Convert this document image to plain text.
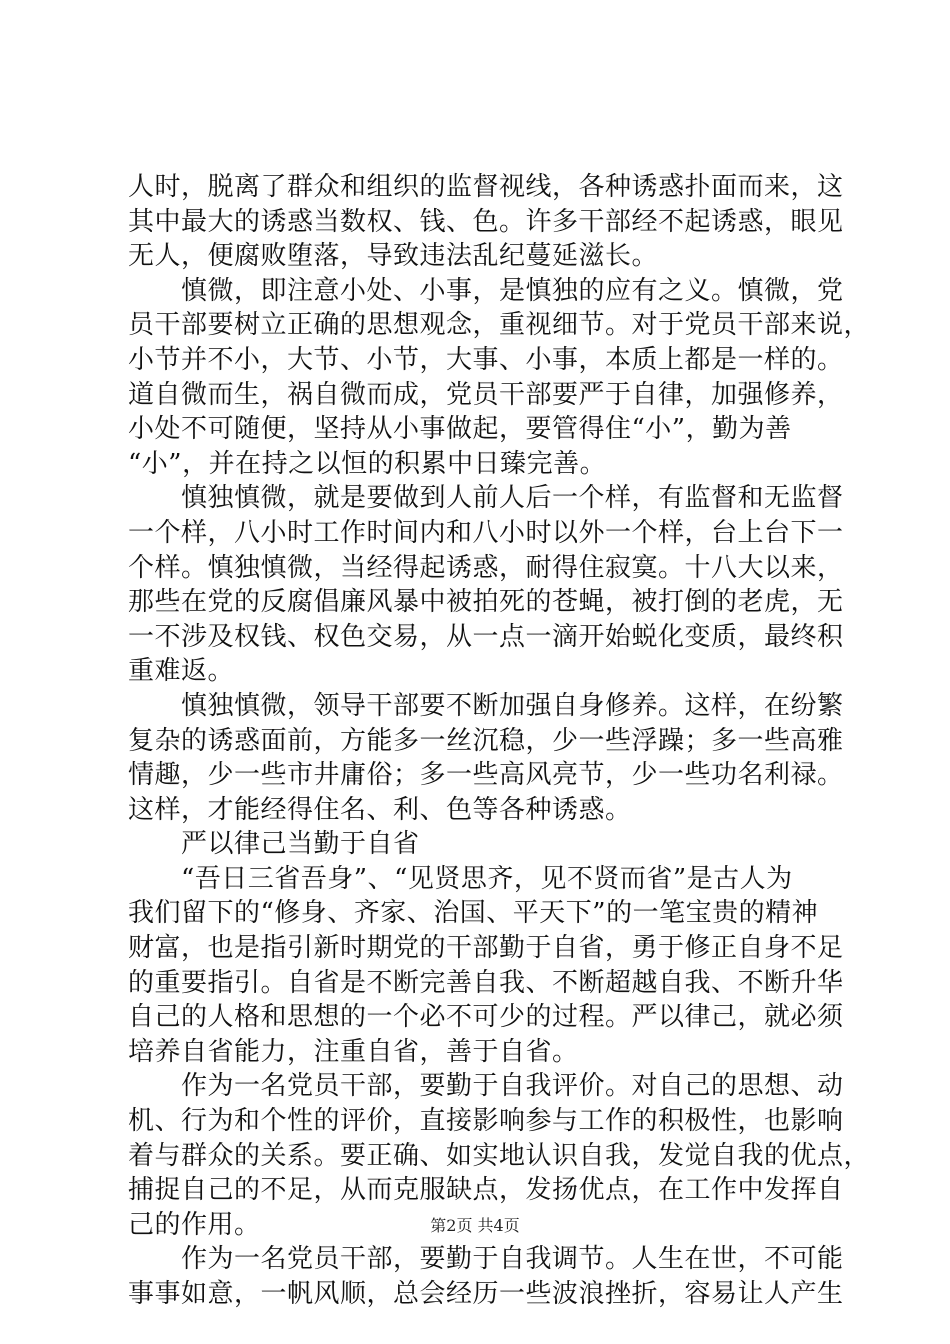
人时，脱离了群众和组织的监督视线，各种诱惑扑面而来，这
其中最大的诱惑当数权、钱、色。许多干部经不起诱惑，眼见
无人，便腐败堕落，导致违法乱纪蔓延滋长。
　　慎微，即注意小处、小事，是慎独的应有之义。慎微，党
员干部要树立正确的思想观念，重视细节。对于党员干部来说，
小节并不小，大节、小节，大事、小事，本质上都是一样的。
道自微而生，祸自微而成，党员干部要严于自律，加强修养，
小处不可随便，坚持从小事做起，要管得住“小”，勤为善
“小”，并在持之以恒的积累中日臻完善。
　　慎独慎微，就是要做到人前人后一个样，有监督和无监督
一个样，八小时工作时间内和八小时以外一个样，台上台下一
个样。慎独慎微，当经得起诱惑，耐得住寂寞。十八大以来，
那些在党的反腐倡廉风暴中被拍死的苍蝇，被打倒的老虎，无
一不涉及权钱、权色交易，从一点一滴开始蜕化变质，最终积
重难返。
　　慎独慎微，领导干部要不断加强自身修养。这样，在纷繁
复杂的诱惑面前，方能多一丝沉稳，少一些浮躁；多一些高雅
情趣，少一些市井庸俗；多一些高风亮节，少一些功名利禄。
这样，才能经得住名、利、色等各种诱惑。
　　严以律己当勤于自省
　　“吾日三省吾身”、“见贤思齐，见不贤而省”是古人为
我们留下的“修身、齐家、治国、平天下”的一笔宝贵的精神
财富，也是指引新时期党的干部勤于自省，勇于修正自身不足
的重要指引。自省是不断完善自我、不断超越自我、不断升华
自己的人格和思想的一个必不可少的过程。严以律己，就必须
培养自省能力，注重自省，善于自省。
　　作为一名党员干部，要勤于自我评价。对自己的思想、动
机、行为和个性的评价，直接影响参与工作的积极性，也影响
着与群众的关系。要正确、如实地认识自我，发觉自我的优点，
捕捉自己的不足，从而克服缺点，发扬优点，在工作中发挥自
己的作用。
　　作为一名党员干部，要勤于自我调节。人生在世，不可能
事事如意，一帆风顺，总会经历一些波浪挫折，容易让人产生
第2页 共4页
